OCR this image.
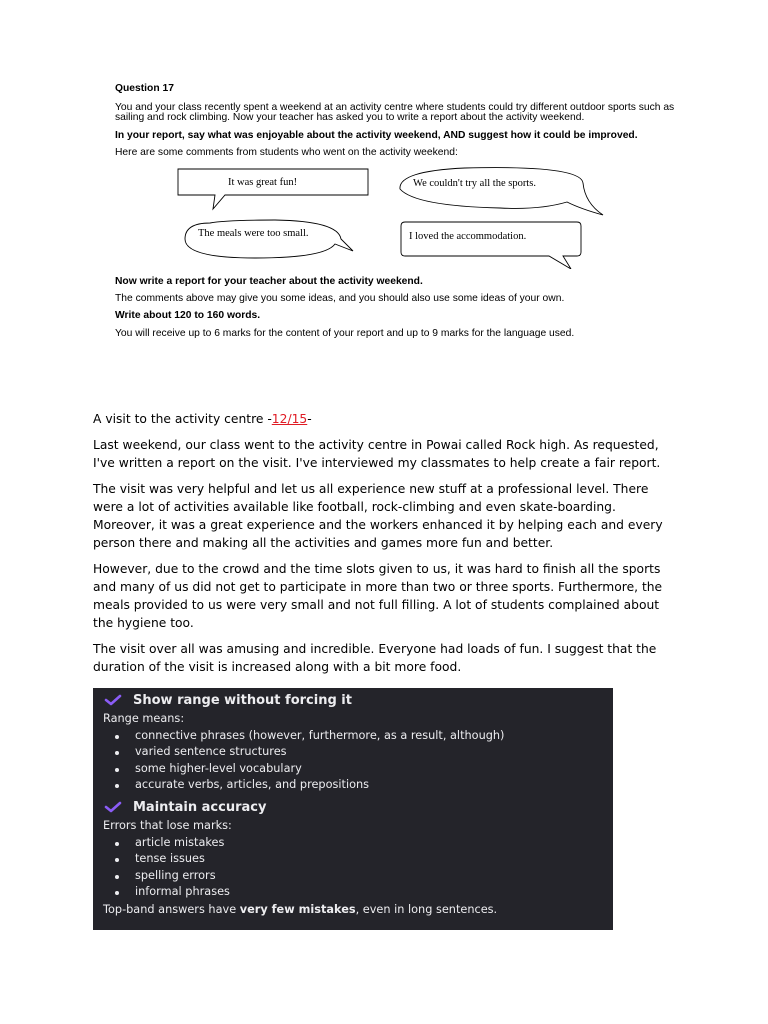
Question 17

You and your class recently spent a weekend at an activity centre where students could try different outdoor sports such as sailing and rock climbing. Now your teacher has asked you to write a report about the activity weekend.

In your report, say what was enjoyable about the activity weekend, AND suggest how it could be improved.

Here are some comments from students who went on the activity weekend:

It was great fun!	We couldn't try all the sports.
The meals were too small.	I loved the accommodation.

Now write a report for your teacher about the activity weekend.

The comments above may give you some ideas, and you should also use some ideas of your own.

Write about 120 to 160 words.

You will receive up to 6 marks for the content of your report and up to 9 marks for the language used.

A visit to the activity centre -12/15-

Last weekend, our class went to the activity centre in Powai called Rock high. As requested, I've written a report on the visit. I've interviewed my classmates to help create a fair report.

The visit was very helpful and let us all experience new stuff at a professional level. There were a lot of activities available like football, rock-climbing and even skate-boarding. Moreover, it was a great experience and the workers enhanced it by helping each and every person there and making all the activities and games more fun and better.

However, due to the crowd and the time slots given to us, it was hard to finish all the sports and many of us did not get to participate in more than two or three sports. Furthermore, the meals provided to us were very small and not full filling. A lot of students complained about the hygiene too.

The visit over all was amusing and incredible. Everyone had loads of fun. I suggest that the duration of the visit is increased along with a bit more food.

Show range without forcing it
Range means:
connective phrases (however, furthermore, as a result, although)
varied sentence structures
some higher-level vocabulary
accurate verbs, articles, and prepositions
Maintain accuracy
Errors that lose marks:
article mistakes
tense issues
spelling errors
informal phrases
Top-band answers have very few mistakes, even in long sentences.
